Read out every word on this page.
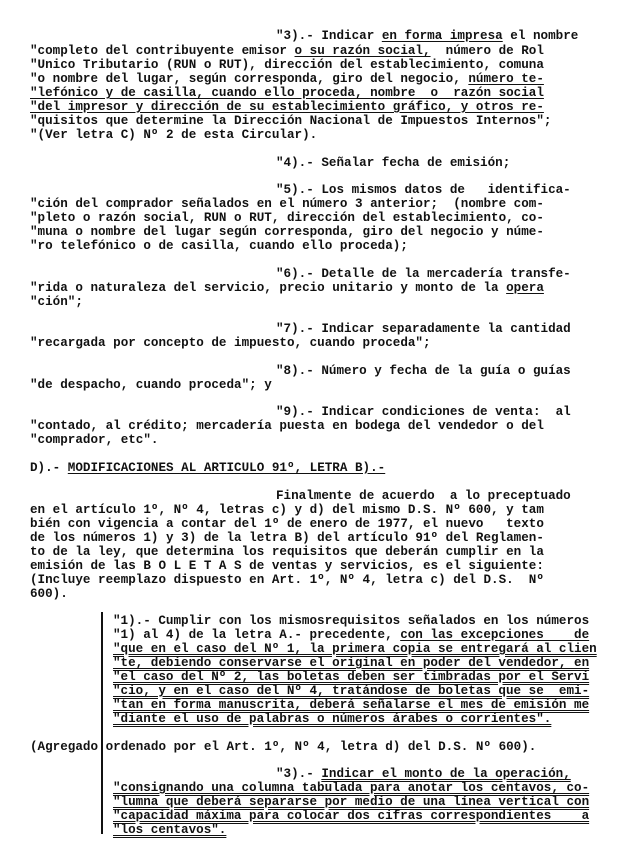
"3).- Indicar en forma impresa el nombre
"completo del contribuyente emisor o su razón social,  número de Rol
"Unico Tributario (RUN o RUT), dirección del establecimiento, comuna
"o nombre del lugar, según corresponda, giro del negocio, número te-
"lefónico y de casilla, cuando ello proceda, nombre  o  razón social
"del impresor y dirección de su establecimiento gráfico, y otros re-
"quisitos que determine la Dirección Nacional de Impuestos Internos";
"(Ver letra C) Nº 2 de esta Circular).
"4).- Señalar fecha de emisión;
"5).- Los mismos datos de   identifica-
"ción del comprador señalados en el número 3 anterior;  (nombre com-
"pleto o razón social, RUN o RUT, dirección del establecimiento, co-
"muna o nombre del lugar según corresponda, giro del negocio y núme-
"ro telefónico o de casilla, cuando ello proceda);
"6).- Detalle de la mercadería transfe-
"rida o naturaleza del servicio, precio unitario y monto de la opera
"ción";
"7).- Indicar separadamente la cantidad
"recargada por concepto de impuesto, cuando proceda";
"8).- Número y fecha de la guía o guías
"de despacho, cuando proceda"; y
"9).- Indicar condiciones de venta:  al
"contado, al crédito; mercadería puesta en bodega del vendedor o del
"comprador, etc".
D).- MODIFICACIONES AL ARTICULO 91º, LETRA B).-
Finalmente de acuerdo  a lo preceptuado
en el artículo 1º, Nº 4, letras c) y d) del mismo D.S. Nº 600, y tam
bién con vigencia a contar del 1º de enero de 1977, el nuevo   texto
de los números 1) y 3) de la letra B) del artículo 91º del Reglamen-
to de la ley, que determina los requisitos que deberán cumplir en la
emisión de las B O L E T A S de ventas y servicios, es el siguiente:
(Incluye reemplazo dispuesto en Art. 1º, Nº 4, letra c) del D.S.  Nº
600).
"1).- Cumplir con los mismosrequisitos señalados en los números
"1) al 4) de la letra A.- precedente, con las excepciones    de
"que en el caso del Nº 1, la primera copia se entregará al clien
"te, debiendo conservarse el original en poder del vendedor, en
"el caso del Nº 2, las boletas deben ser timbradas por el Servi
"cio, y en el caso del Nº 4, tratándose de boletas que se  emi-
"tan en forma manuscrita, deberá señalarse el mes de emisión me
"diante el uso de palabras o números árabes o corrientes".
(Agregado ordenado por el Art. 1º, Nº 4, letra d) del D.S. Nº 600).
"3).- Indicar el monto de la operación,
"consignando una columna tabulada para anotar los centavos, co-
"lumna que deberá separarse por medio de una línea vertical con
"capacidad máxima para colocar dos cifras correspondientes    a
"los centavos".
